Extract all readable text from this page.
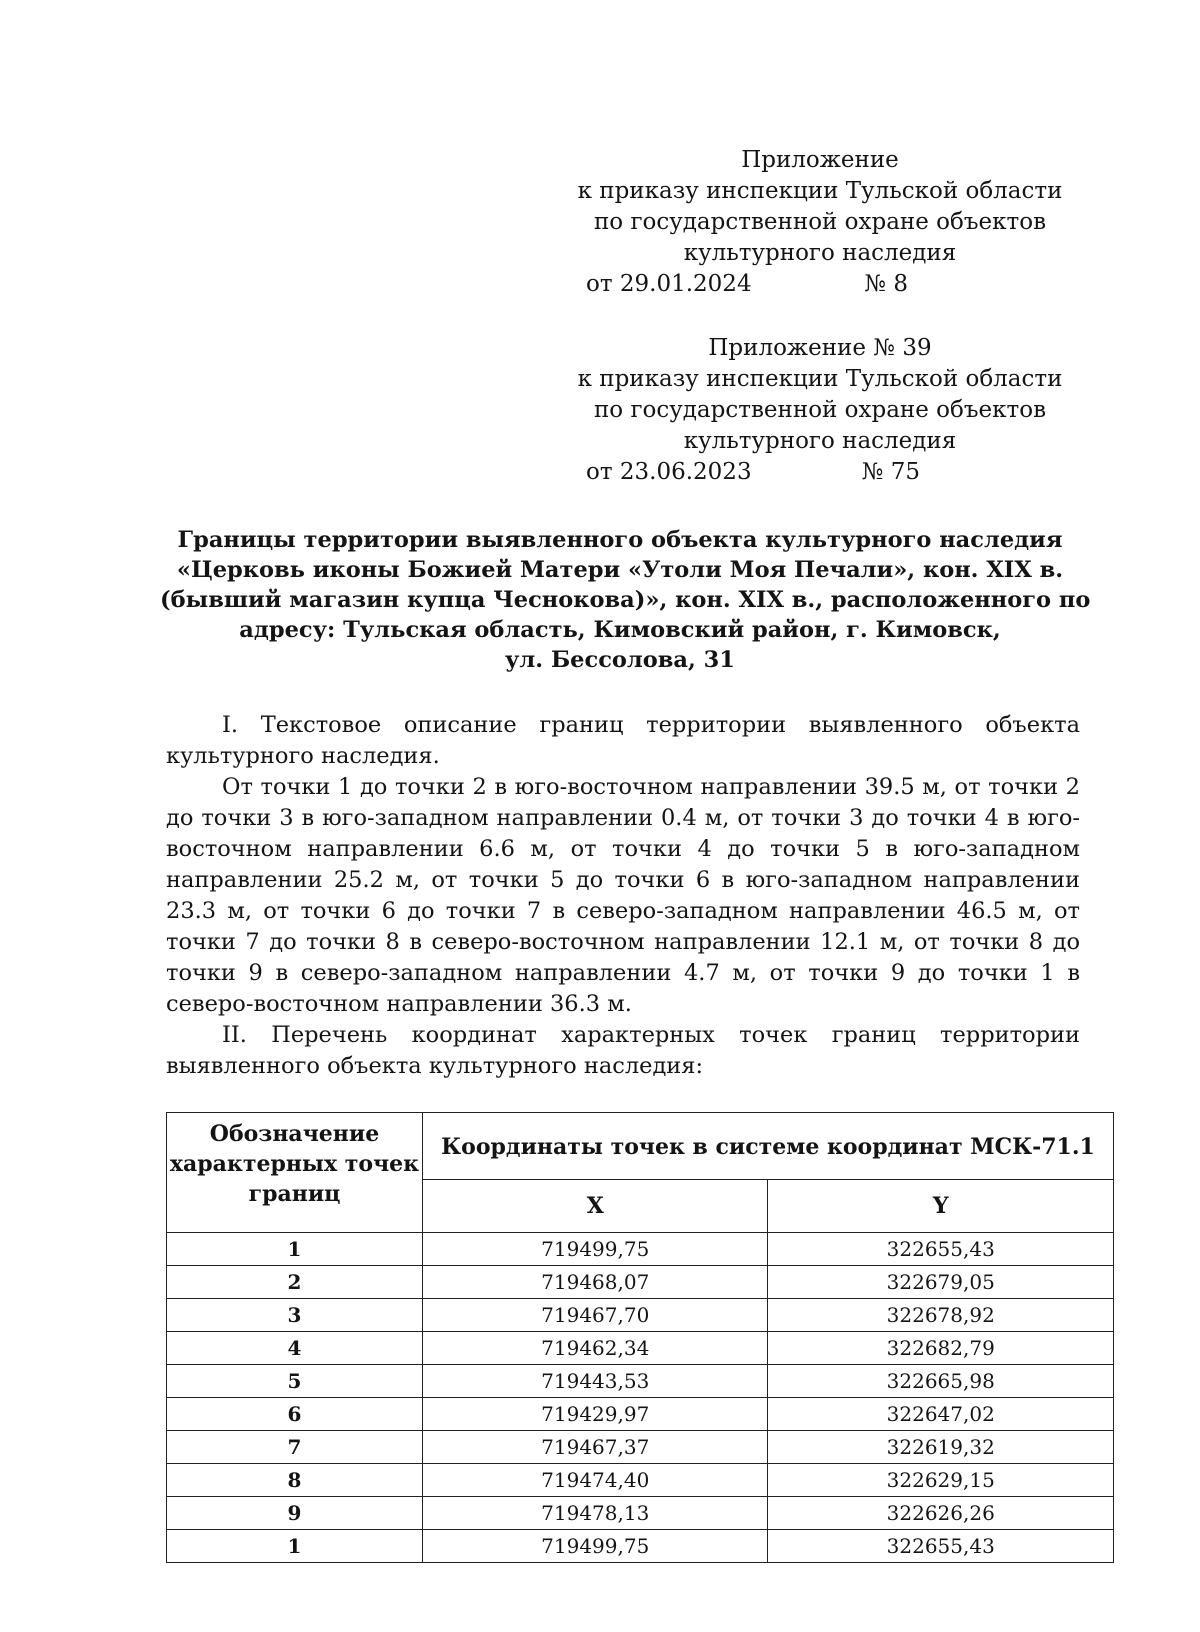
Приложение
к приказу инспекции Тульской области
по государственной охране объектов
культурного наследия
от 29.01.2024	№ 8
Приложение № 39
к приказу инспекции Тульской области
по государственной охране объектов
культурного наследия
от 23.06.2023	№ 75
Границы территории выявленного объекта культурного наследия
«Церковь иконы Божией Матери «Утоли Моя Печали», кон. XIX в.
(бывший магазин купца Чеснокова)», кон. XIX в., расположенного по
адресу: Тульская область, Кимовский район, г. Кимовск,
ул. Бессолова, 31

I. Текстовое описание границ территории выявленного объекта культурного наследия.

От точки 1 до точки 2 в юго-восточном направлении 39.5 м, от точки 2 до точки 3 в юго-западном направлении 0.4 м, от точки 3 до точки 4 в юго-восточном направлении 6.6 м, от точки 4 до точки 5 в юго-западном направлении 25.2 м, от точки 5 до точки 6 в юго-западном направлении 23.3 м, от точки 6 до точки 7 в северо-западном направлении 46.5 м, от точки 7 до точки 8 в северо-восточном направлении 12.1 м, от точки 8 до точки 9 в северо-западном направлении 4.7 м, от точки 9 до точки 1 в северо-восточном направлении 36.3 м.

II. Перечень координат характерных точек границ территории выявленного объекта культурного наследия:

Обозначение характерных точек границ	Координаты точек в системе координат МСК-71.1	
	X	Y
1	719499,75	322655,43
2	719468,07	322679,05
3	719467,70	322678,92
4	719462,34	322682,79
5	719443,53	322665,98
6	719429,97	322647,02
7	719467,37	322619,32
8	719474,40	322629,15
9	719478,13	322626,26
1	719499,75	322655,43
